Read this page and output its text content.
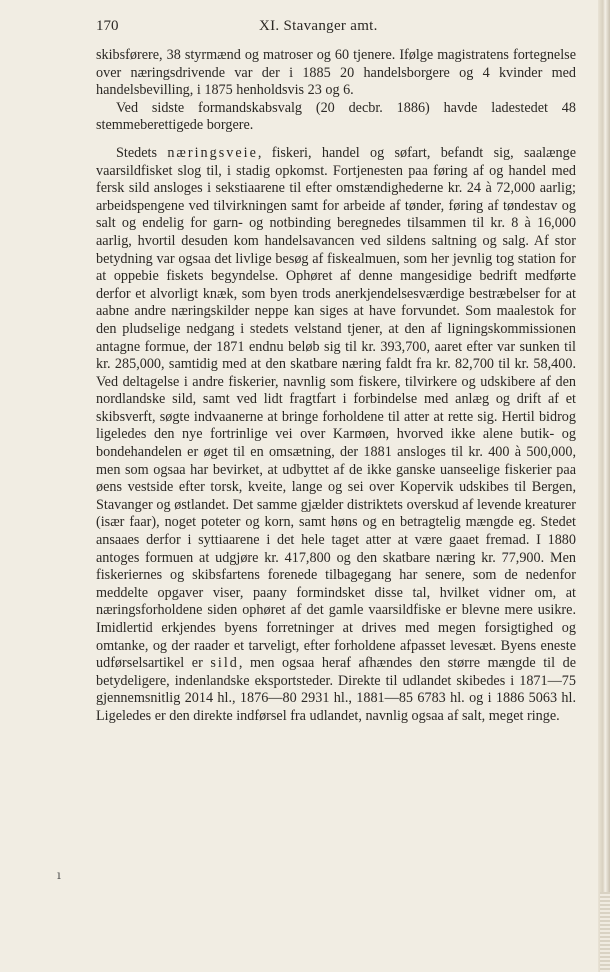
170	XI. Stavanger amt.

skibsførere, 38 styrmænd og matroser og 60 tjenere. Ifølge magistratens fortegnelse over næringsdrivende var der i 1885 20 handelsborgere og 4 kvinder med handelsbevilling, i 1875 henholdsvis 23 og 6.

Ved sidste formandskabsvalg (20 decbr. 1886) havde ladestedet 48 stemmeberettigede borgere.

Stedets næringsveie, fiskeri, handel og søfart, befandt sig, saalænge vaarsildfisket slog til, i stadig opkomst. Fortjenesten paa føring af og handel med fersk sild ansloges i sekstiaarene til efter omstændighederne kr. 24 à 72,000 aarlig; arbeidspengene ved tilvirkningen samt for arbeide af tønder, føring af tøndestav og salt og endelig for garn- og notbinding beregnedes tilsammen til kr. 8 à 16,000 aarlig, hvortil desuden kom handelsavancen ved sildens saltning og salg. Af stor betydning var ogsaa det livlige besøg af fiskealmuen, som her jevnlig tog station for at oppebie fiskets begyndelse. Ophøret af denne mangesidige bedrift medførte derfor et alvorligt knæk, som byen trods anerkjendelsesværdige bestræbelser for at aabne andre næringskilder neppe kan siges at have forvundet. Som maalestok for den pludselige nedgang i stedets velstand tjener, at den af ligningskommissionen antagne formue, der 1871 endnu beløb sig til kr. 393,700, aaret efter var sunken til kr. 285,000, samtidig med at den skatbare næring faldt fra kr. 82,700 til kr. 58,400. Ved deltagelse i andre fiskerier, navnlig som fiskere, tilvirkere og udskibere af den nordlandske sild, samt ved lidt fragtfart i forbindelse med anlæg og drift af et skibsverft, søgte indvaanerne at bringe forholdene til atter at rette sig. Hertil bidrog ligeledes den nye fortrinlige vei over Karmøen, hvorved ikke alene butik- og bondehandelen er øget til en omsætning, der 1881 ansloges til kr. 400 à 500,000, men som ogsaa har bevirket, at udbyttet af de ikke ganske uanseelige fiskerier paa øens vestside efter torsk, kveite, lange og sei over Kopervik udskibes til Bergen, Stavanger og østlandet. Det samme gjælder distriktets overskud af levende kreaturer (især faar), noget poteter og korn, samt høns og en betragtelig mængde eg. Stedet ansaaes derfor i syttiaarene i det hele taget atter at være gaaet fremad. I 1880 antoges formuen at udgjøre kr. 417,800 og den skatbare næring kr. 77,900. Men fiskeriernes og skibsfartens forenede tilbagegang har senere, som de nedenfor meddelte opgaver viser, paany formindsket disse tal, hvilket vidner om, at næringsforholdene siden ophøret af det gamle vaarsildfiske er blevne mere usikre. Imidlertid erkjendes byens forretninger at drives med megen forsigtighed og omtanke, og der raader et tarveligt, efter forholdene afpasset levesæt. Byens eneste udførselsartikel er sild, men ogsaa heraf afhændes den større mængde til de betydeligere, indenlandske eksportsteder. Direkte til udlandet skibedes i 1871—75 gjennemsnitlig 2014 hl., 1876—80 2931 hl., 1881—85 6783 hl. og i 1886 5063 hl. Ligeledes er den direkte indførsel fra udlandet, navnlig ogsaa af salt, meget ringe.

ı
